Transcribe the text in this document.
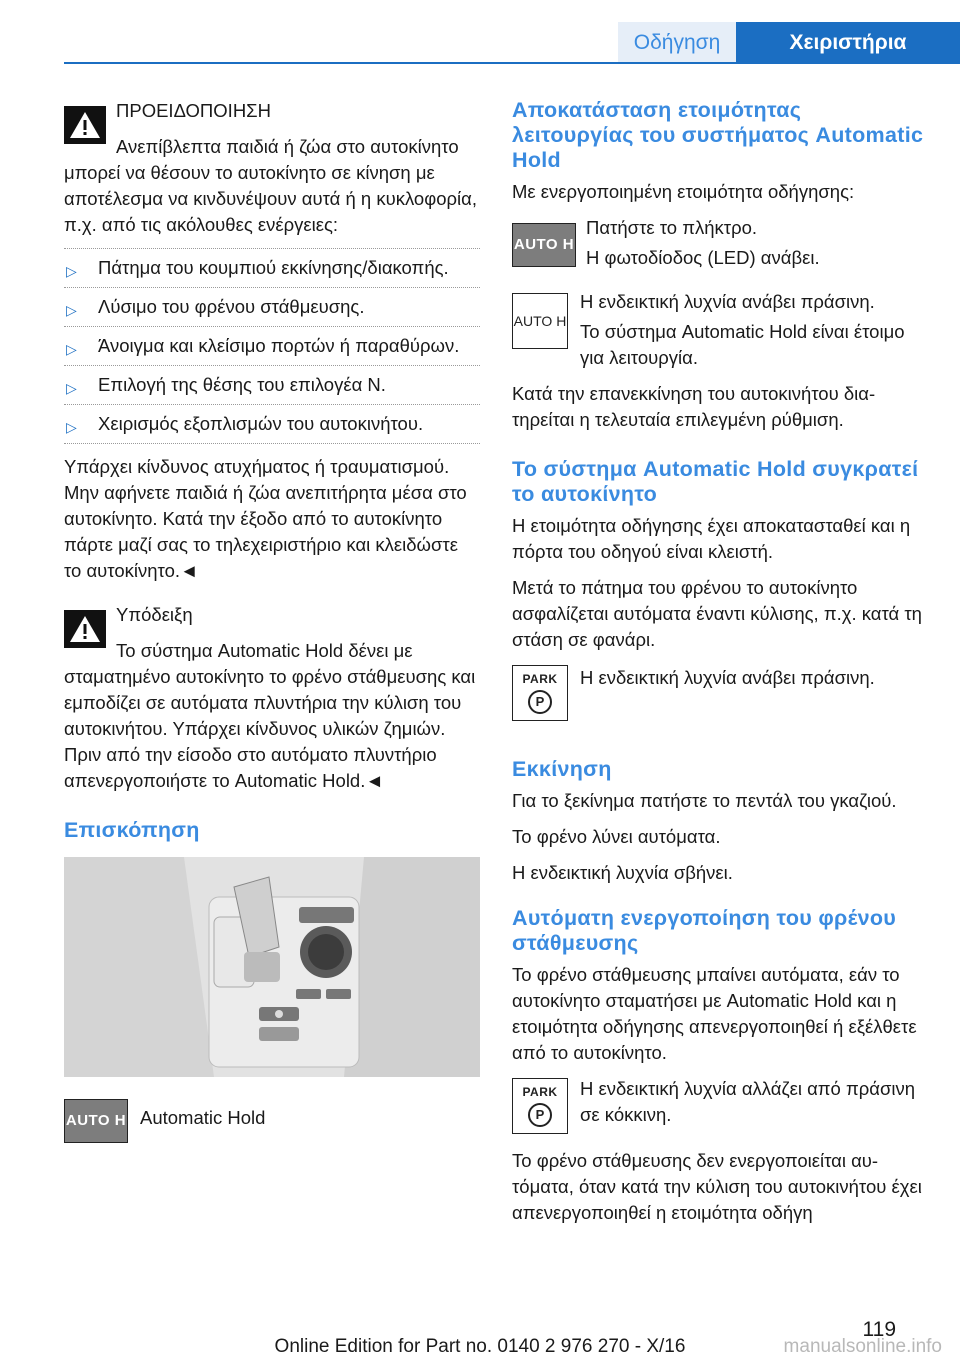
Οδήγηση	Χειριστήρια

ΠΡΟΕΙΔΟΠΟΙΗΣΗ

Ανεπίβλεπτα παιδιά ή ζώα στο αυτοκίνητο μπορεί να θέσουν το αυτοκίνητο σε κίνηση με αποτέλεσμα να κινδυνέψουν αυτά ή η κυκλοφορία, π.χ. από τις ακόλουθες ενέργειες:

▷ Πάτημα του κουμπιού εκκίνησης/διακοπής.
▷ Λύσιμο του φρένου στάθμευσης.
▷ Άνοιγμα και κλείσιμο πορτών ή παραθύρων.
▷ Επιλογή της θέσης του επιλογέα N.
▷ Χειρισμός εξοπλισμών του αυτοκινήτου.

Υπάρχει κίνδυνος ατυχήματος ή τραυματισμού. Μην αφήνετε παιδιά ή ζώα ανεπιτήρητα μέσα στο αυτοκίνητο. Κατά την έξοδο από το αυτοκίνητο πάρτε μαζί σας το τηλεχειριστήριο και κλειδώστε το αυτοκίνητο.◄

Υπόδειξη

Το σύστημα Automatic Hold δένει με σταματημένο αυτοκίνητο το φρένο στάθμευσης και εμποδίζει σε αυτόματα πλυντήρια την κύλιση του αυτοκινήτου. Υπάρχει κίνδυνος υλικών ζημιών. Πριν από την είσοδο στο αυτόματο πλυντήριο απενεργοποιήστε το Automatic Hold.◄

Επισκόπηση
AUTO H Automatic Hold

Αποκατάσταση ετοιμότητας λειτουργίας του συστήματος Automatic Hold

Με ενεργοποιημένη ετοιμότητα οδήγησης:

AUTO H

Πατήστε το πλήκτρο.

Η φωτοδίοδος (LED) ανάβει.

AUTO H

Η ενδεικτική λυχνία ανάβει πράσινη.

Το σύστημα Automatic Hold είναι έτοιμο για λειτουργία.

Κατά την επανεκκίνηση του αυτοκινήτου διατηρείται η τελευταία επιλεγμένη ρύθμιση.

Το σύστημα Automatic Hold συγκρατεί το αυτοκίνητο

Η ετοιμότητα οδήγησης έχει αποκατασταθεί και η πόρτα του οδηγού είναι κλειστή.

Μετά το πάτημα του φρένου το αυτοκίνητο ασφαλίζεται αυτόματα έναντι κύλισης, π.χ. κατά τη στάση σε φανάρι.

PARK
P

Η ενδεικτική λυχνία ανάβει πράσινη.

Εκκίνηση

Για το ξεκίνημα πατήστε το πεντάλ του γκαζιού.

Το φρένο λύνει αυτόματα.

Η ενδεικτική λυχνία σβήνει.

Αυτόματη ενεργοποίηση του φρένου στάθμευσης

Το φρένο στάθμευσης μπαίνει αυτόματα, εάν το αυτοκίνητο σταματήσει με Automatic Hold και η ετοιμότητα οδήγησης απενεργοποιηθεί ή εξέλθετε από το αυτοκίνητο.

PARK
P

Η ενδεικτική λυχνία αλλάζει από πράσινη σε κόκκινη.

Το φρένο στάθμευσης δεν ενεργοποιείται αυτόματα, όταν κατά την κύλιση του αυτοκινήτου έχει απενεργοποιηθεί η ετοιμότητα οδήγη

119
Online Edition for Part no. 0140 2 976 270 - X/16	manualsonline.info
